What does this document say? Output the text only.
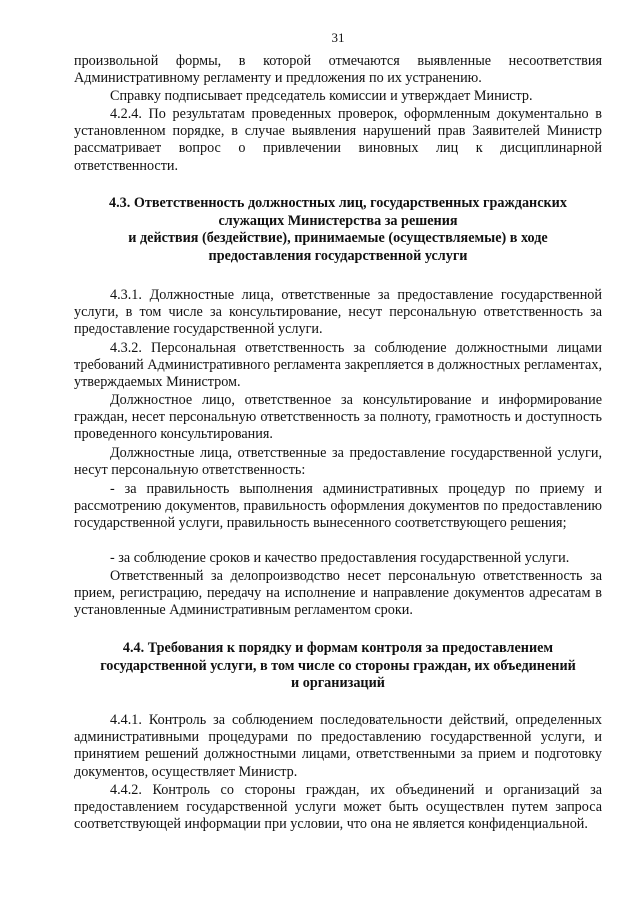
31

произвольной формы, в которой отмечаются выявленные несоответствия Административному регламенту и предложения по их устранению.

Справку подписывает председатель комиссии и утверждает Министр.

4.2.4. По результатам проведенных проверок, оформленным документально в установленном порядке, в случае выявления нарушений прав Заявителей Министр рассматривает вопрос о привлечении виновных лиц к дисциплинарной ответственности.

4.3. Ответственность должностных лиц, государственных гражданских
служащих Министерства за решения
и действия (бездействие), принимаемые (осуществляемые) в ходе
предоставления государственной услуги

4.3.1. Должностные лица, ответственные за предоставление государственной услуги, в том числе за консультирование, несут персональную ответственность за предоставление государственной услуги.

4.3.2. Персональная ответственность за соблюдение должностными лицами требований Административного регламента закрепляется в должностных регламентах, утверждаемых Министром.

Должностное лицо, ответственное за консультирование и информирование граждан, несет персональную ответственность за полноту, грамотность и доступность проведенного консультирования.

Должностные лица, ответственные за предоставление государственной услуги, несут персональную ответственность:

- за правильность выполнения административных процедур по приему и рассмотрению документов, правильность оформления документов по предоставлению государственной услуги, правильность вынесенного соответствующего решения;

- за соблюдение сроков и качество предоставления государственной услуги.

Ответственный за делопроизводство несет персональную ответственность за прием, регистрацию, передачу на исполнение и направление документов адресатам в установленные Административным регламентом сроки.

4.4. Требования к порядку и формам контроля за предоставлением
государственной услуги, в том числе со стороны граждан, их объединений
и организаций

4.4.1. Контроль за соблюдением последовательности действий, определенных административными процедурами по предоставлению государственной услуги, и принятием решений должностными лицами, ответственными за прием и подготовку документов, осуществляет Министр.

4.4.2. Контроль со стороны граждан, их объединений и организаций за предоставлением государственной услуги может быть осуществлен путем запроса соответствующей информации при условии, что она не является конфиденциальной.
